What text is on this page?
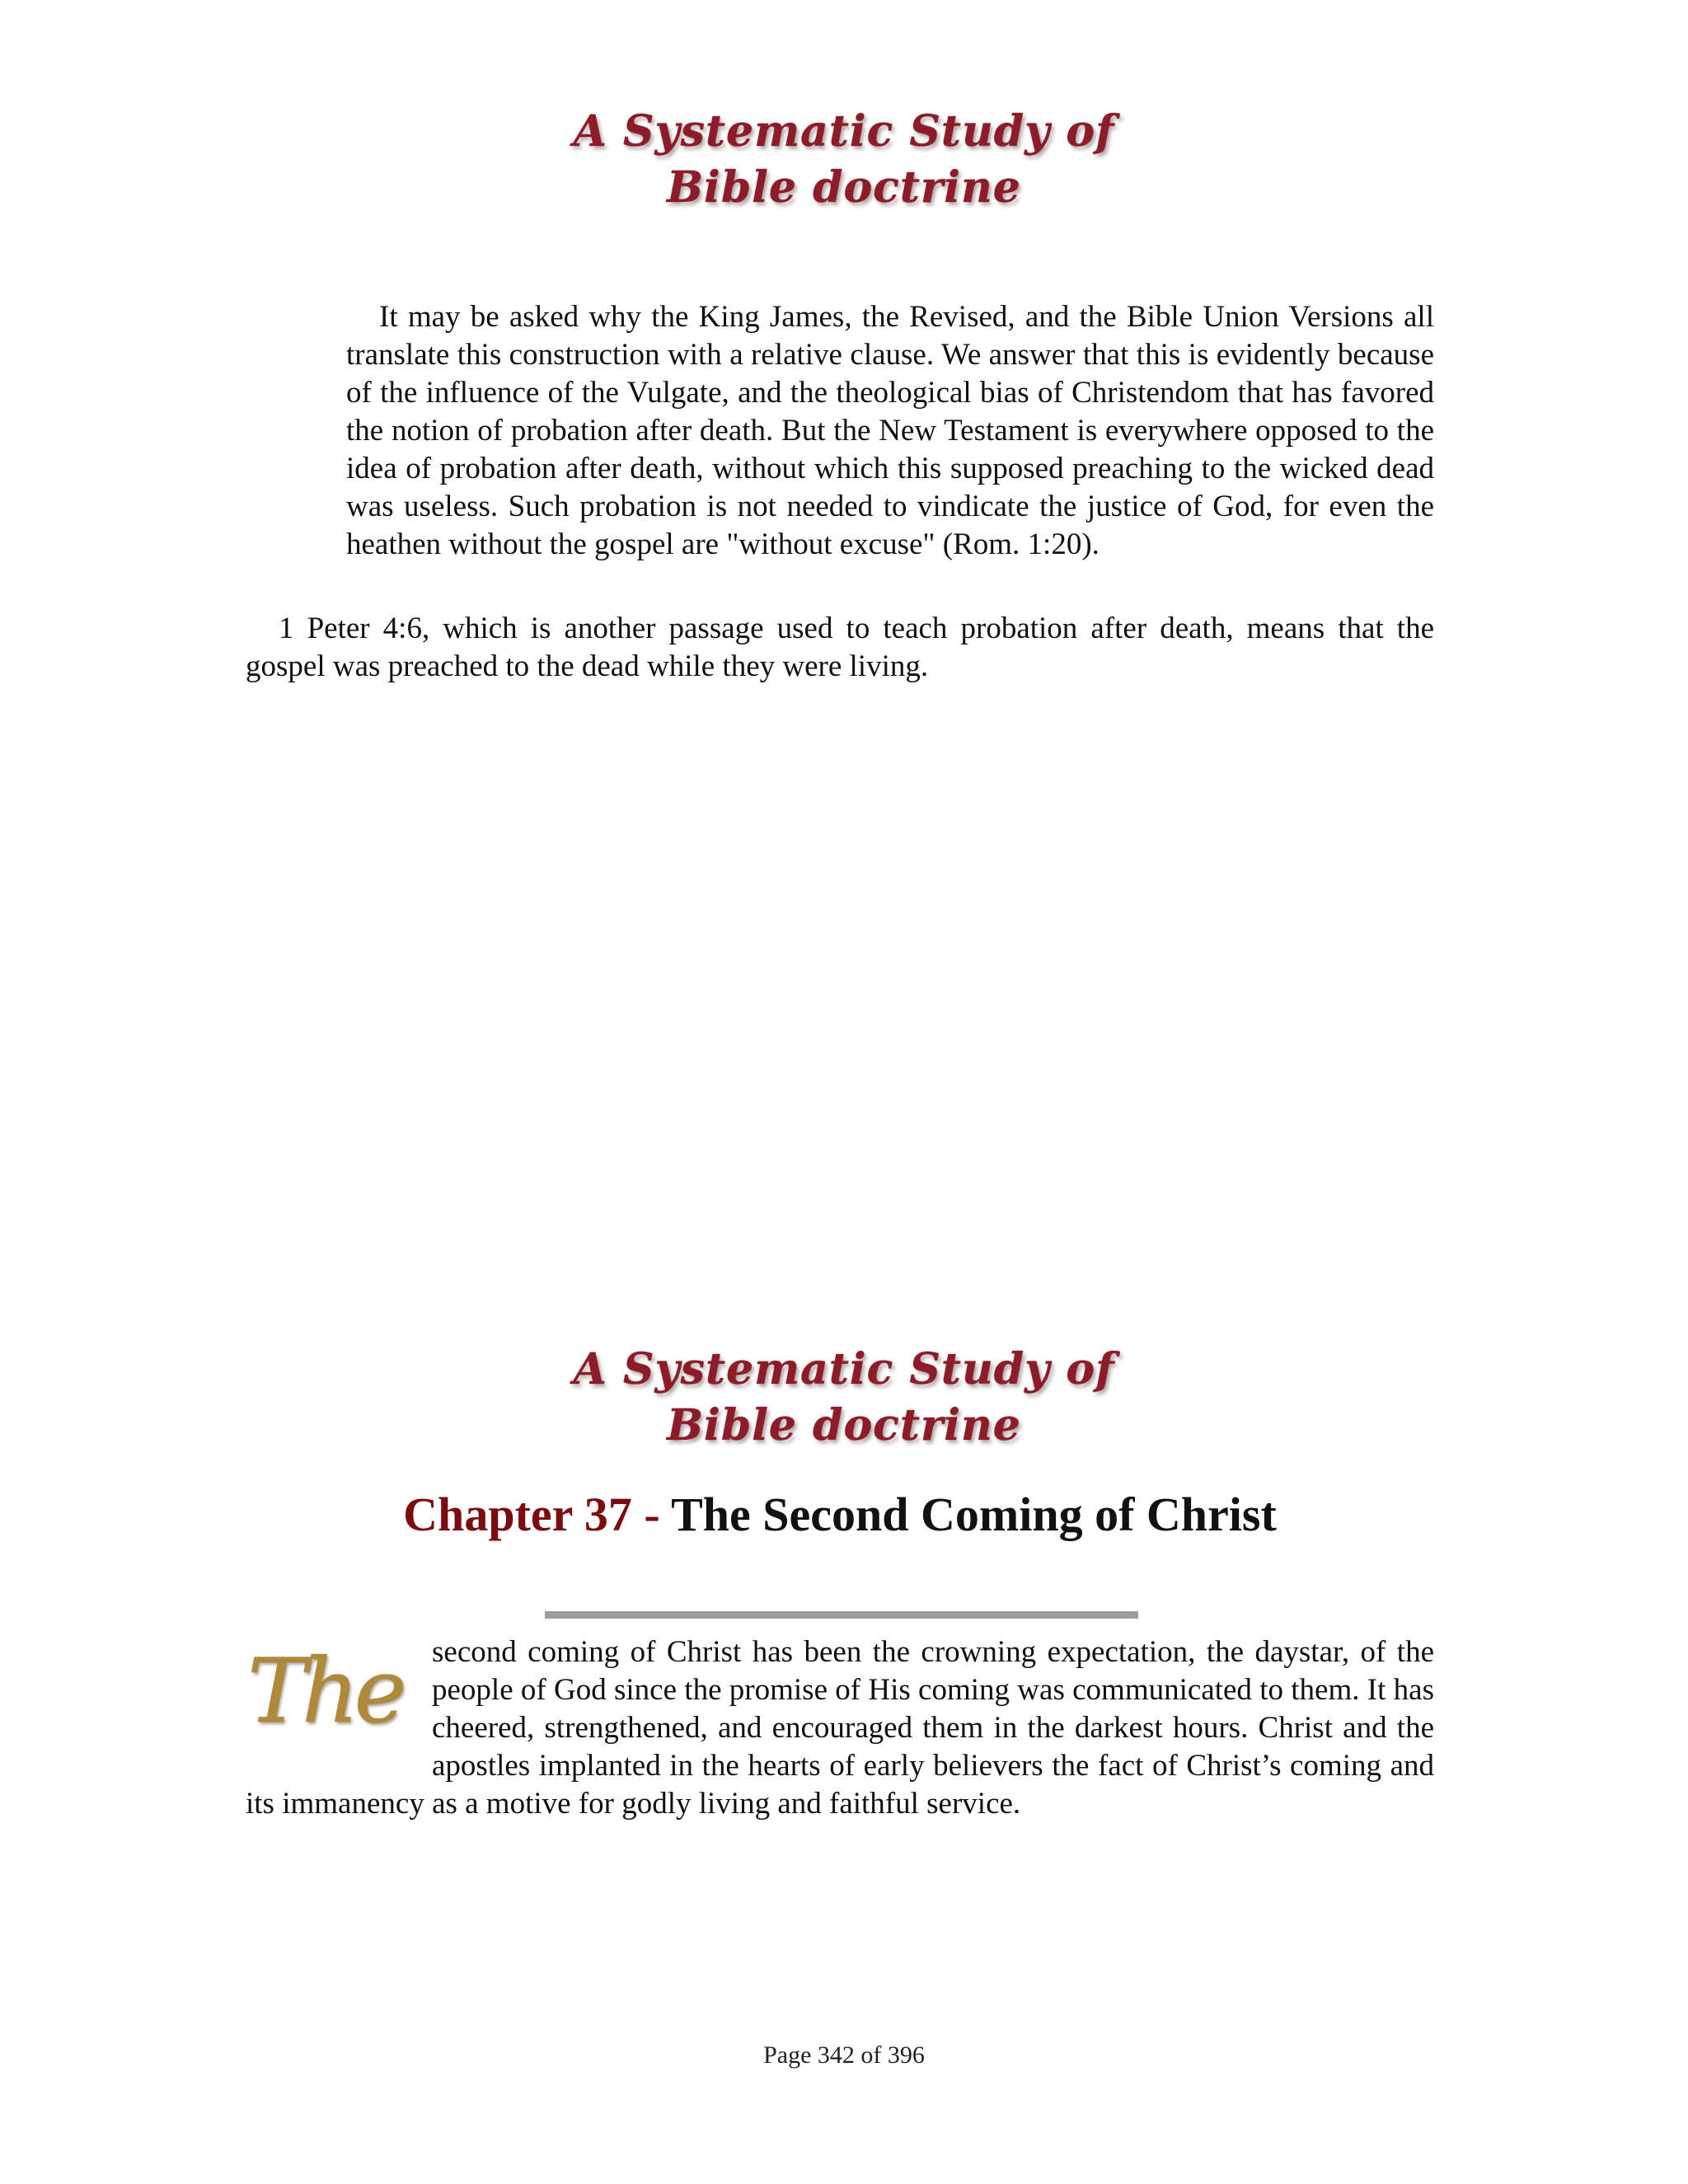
A Systematic Study of
Bible doctrine
It may be asked why the King James, the Revised, and the Bible Union Versions all translate this construction with a relative clause. We answer that this is evidently because of the influence of the Vulgate, and the theological bias of Christendom that has favored the notion of probation after death. But the New Testament is everywhere opposed to the idea of probation after death, without which this supposed preaching to the wicked dead was useless. Such probation is not needed to vindicate the justice of God, for even the heathen without the gospel are "without excuse" (Rom. 1:20).
1 Peter 4:6, which is another passage used to teach probation after death, means that the gospel was preached to the dead while they were living.
A Systematic Study of
Bible doctrine
Chapter 37 - The Second Coming of Christ
The second coming of Christ has been the crowning expectation, the daystar, of the people of God since the promise of His coming was communicated to them. It has cheered, strengthened, and encouraged them in the darkest hours. Christ and the apostles implanted in the hearts of early believers the fact of Christ’s coming and its immanency as a motive for godly living and faithful service.
Page 342 of 396
